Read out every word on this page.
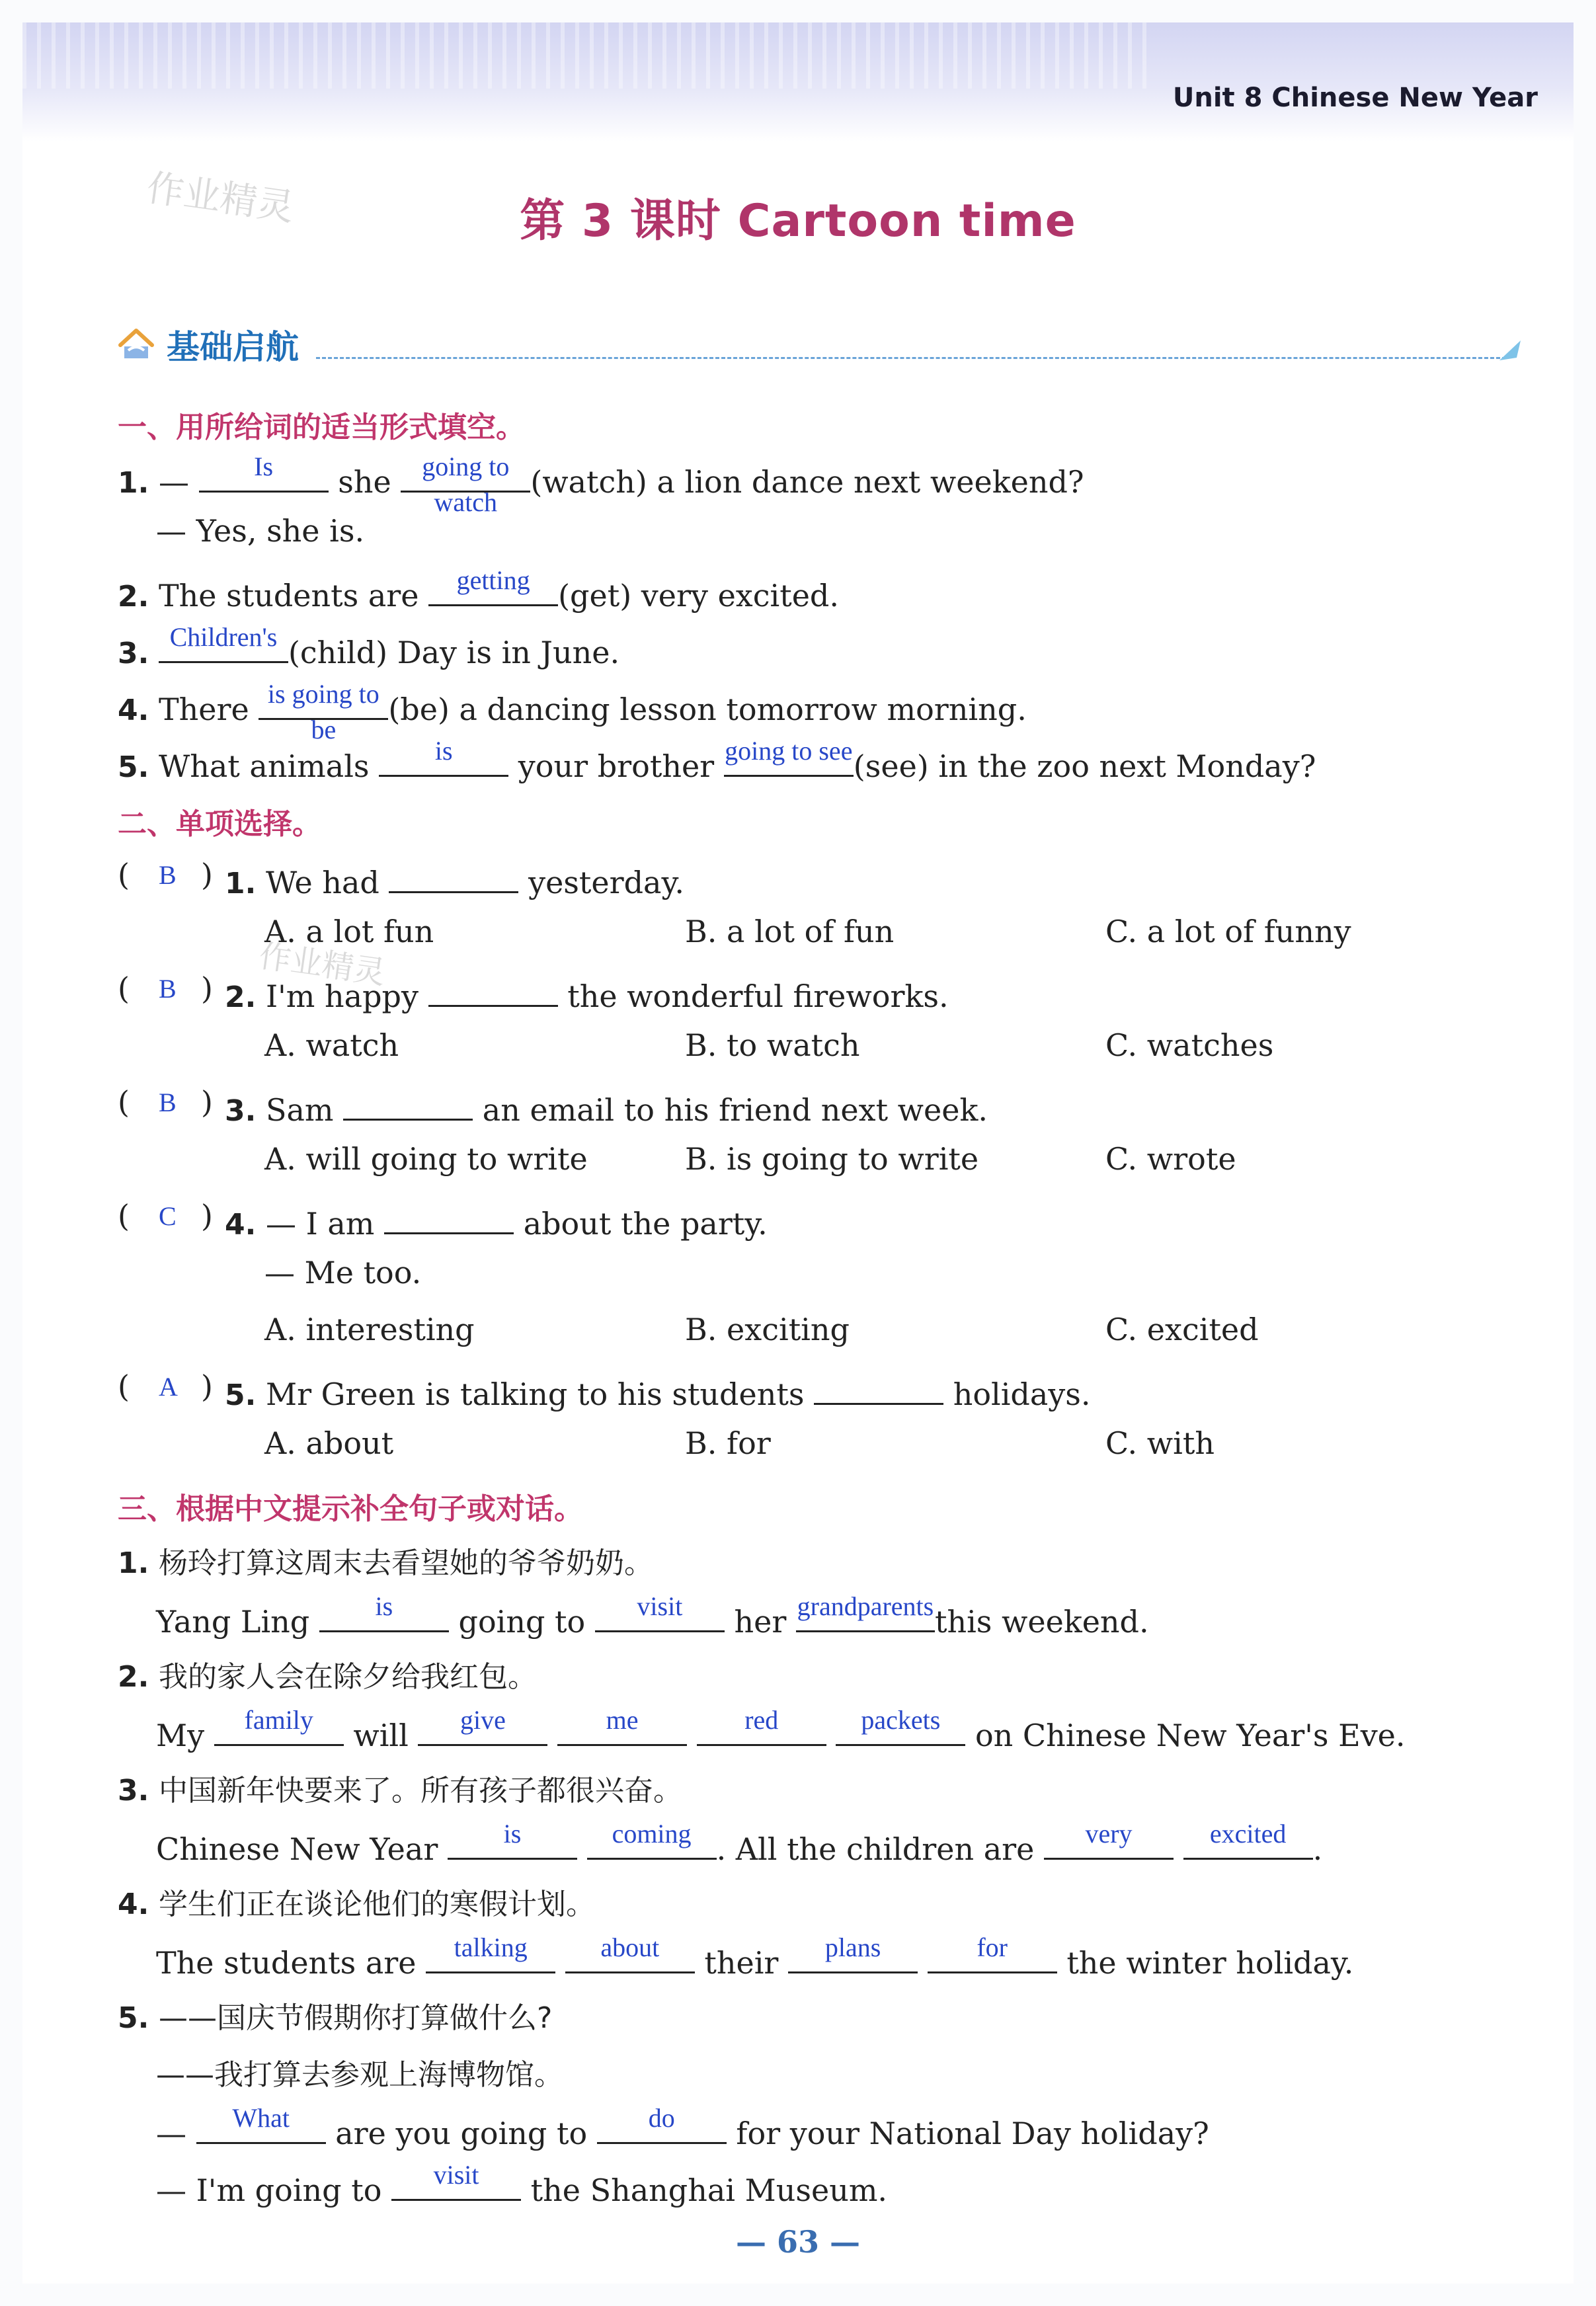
Unit 8 Chinese New Year
作业精灵
作业精灵
第 3 课时 Cartoon time
基础启航
一、用所给词的适当形式填空。
1. —	Is	she	going to
watch
(watch) a lion dance next weekend?
— Yes, she is.
2. The students are	getting (get) very excited.
3. Children's (child) Day is in June.
4. There is going to
be
(be) a dancing lesson tomorrow morning.
5. What animals	is	your brother going to see (see) in the zoo next Monday?
二、单项选择。
( B ) 1. We had	yesterday.
A. a lot fun	B. a lot of fun	C. a lot of funny
( B ) 2. I'm happy	the wonderful fireworks.
A. watch	B. to watch	C. watches
( B ) 3. Sam	an email to his friend next week.
A. will going to write	B. is going to write	C. wrote
( C ) 4. — I am	about the party.
— Me too.
A. interesting	B. exciting	C. excited
( A ) 5. Mr Green is talking to his students	holidays.
A. about	B. for	C. with
三、根据中文提示补全句子或对话。
1. 杨玲打算这周末去看望她的爷爷奶奶。
Yang Ling	is	going to	visit	her grandparents this weekend.
2. 我的家人会在除夕给我红包。
My	family	will	give
	me
	red
	packets	on Chinese New Year's Eve.
3. 中国新年快要来了。所有孩子都很兴奋。
Chinese New Year	is
	coming . All the children are	very
	excited .
4. 学生们正在谈论他们的寒假计划。
The students are	talking
	about	their	plans
	for	the winter holiday.
5. ——国庆节假期你打算做什么?
——我打算去参观上海博物馆。
—	What	are you going to	do	for your National Day holiday?
— I'm going to	visit	the Shanghai Museum.
— 63 —
